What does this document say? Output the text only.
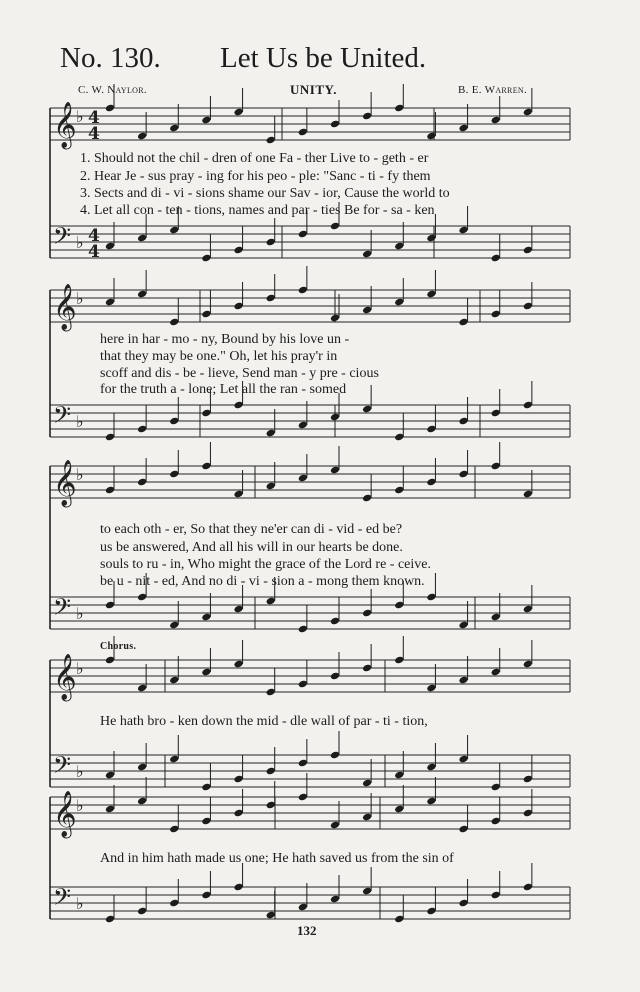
𝄞 ♭ 4
4
𝄢 ♭ 4
4
𝄞 ♭
𝄢 ♭
𝄞 ♭
𝄢 ♭
𝄞 ♭
𝄢 ♭
𝄞 ♭
𝄢 ♭
No. 130. Let Us be United.
C. W. Naylor.	UNITY.	B. E. Warren.
1. Should not the chil - dren of one Fa - ther Live to - geth - er
2. Hear Je - sus pray - ing for his peo - ple: "Sanc - ti - fy them
3. Sects and di - vi - sions shame our Sav - ior, Cause the world to
4. Let all con - ten - tions, names and par - ties Be for - sa - ken
here in har - mo - ny, Bound by his love un -
that they may be one." Oh, let his pray'r in
scoff and dis - be - lieve, Send man - y pre - cious
for the truth a - lone; Let all the ran - somed
to each oth - er, So that they ne'er can di - vid - ed be?
us be answered, And all his will in our hearts be done.
souls to ru - in, Who might the grace of the Lord re - ceive.
be u - nit - ed, And no di - vi - sion a - mong them known.
Chorus.
He hath bro - ken down the mid - dle wall of par - ti - tion,
And in him hath made us one; He hath saved us from the sin of
132
